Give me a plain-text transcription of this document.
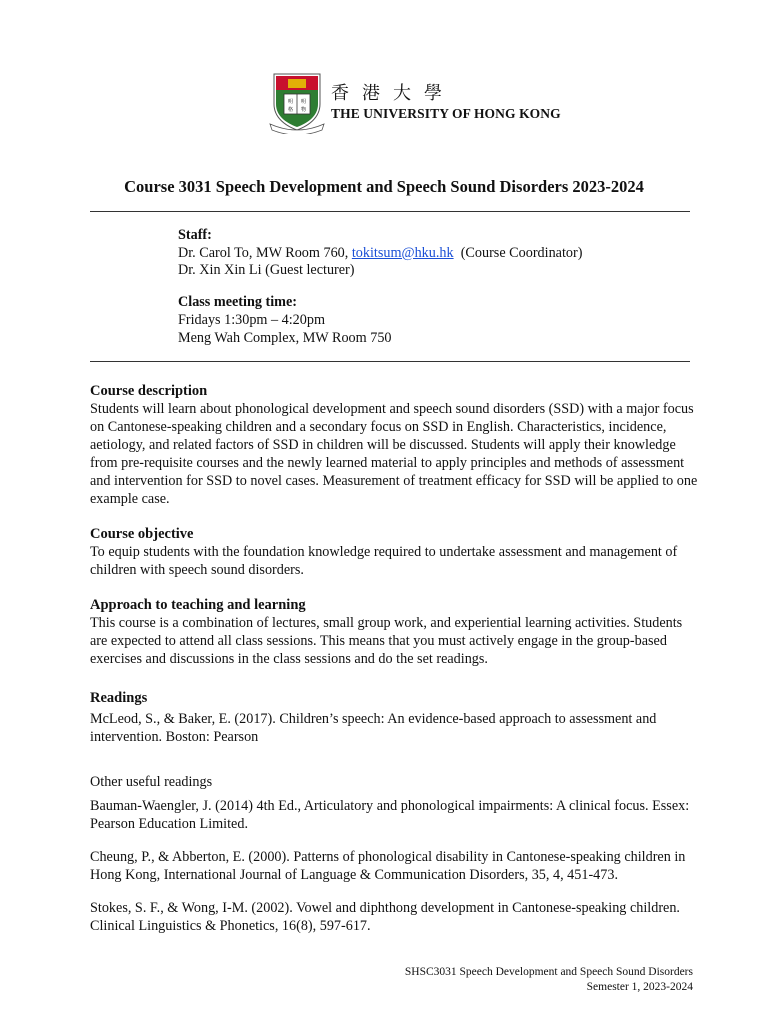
明 明
格 物
香港大學
THE UNIVERSITY OF HONG KONG
Course 3031 Speech Development and Speech Sound Disorders 2023-2024
Staff:
Dr. Carol To, MW Room 760, tokitsum@hku.hk  (Course Coordinator)
Dr. Xin Xin Li (Guest lecturer)
Class meeting time:
Fridays 1:30pm – 4:20pm
Meng Wah Complex, MW Room 750
Course description
Students will learn about phonological development and speech sound disorders (SSD) with a major focus on Cantonese-speaking children and a secondary focus on SSD in English. Characteristics, incidence, aetiology, and related factors of SSD in children will be discussed. Students will apply their knowledge from pre-requisite courses and the newly learned material to apply principles and methods of assessment and intervention for SSD to novel cases. Measurement of treatment efficacy for SSD will be applied to one example case.
Course objective
To equip students with the foundation knowledge required to undertake assessment and management of children with speech sound disorders.
Approach to teaching and learning
This course is a combination of lectures, small group work, and experiential learning activities. Students are expected to attend all class sessions. This means that you must actively engage in the group-based exercises and discussions in the class sessions and do the set readings.
Readings
McLeod, S., & Baker, E. (2017). Children’s speech: An evidence-based approach to assessment and intervention. Boston: Pearson
Other useful readings
Bauman-Waengler, J. (2014) 4th Ed., Articulatory and phonological impairments: A clinical focus. Essex: Pearson Education Limited.
Cheung, P., & Abberton, E. (2000). Patterns of phonological disability in Cantonese-speaking children in Hong Kong, International Journal of Language & Communication Disorders, 35, 4, 451-473.
Stokes, S. F., & Wong, I-M. (2002). Vowel and diphthong development in Cantonese-speaking children. Clinical Linguistics & Phonetics, 16(8), 597-617.
SHSC3031 Speech Development and Speech Sound Disorders
Semester 1, 2023-2024
